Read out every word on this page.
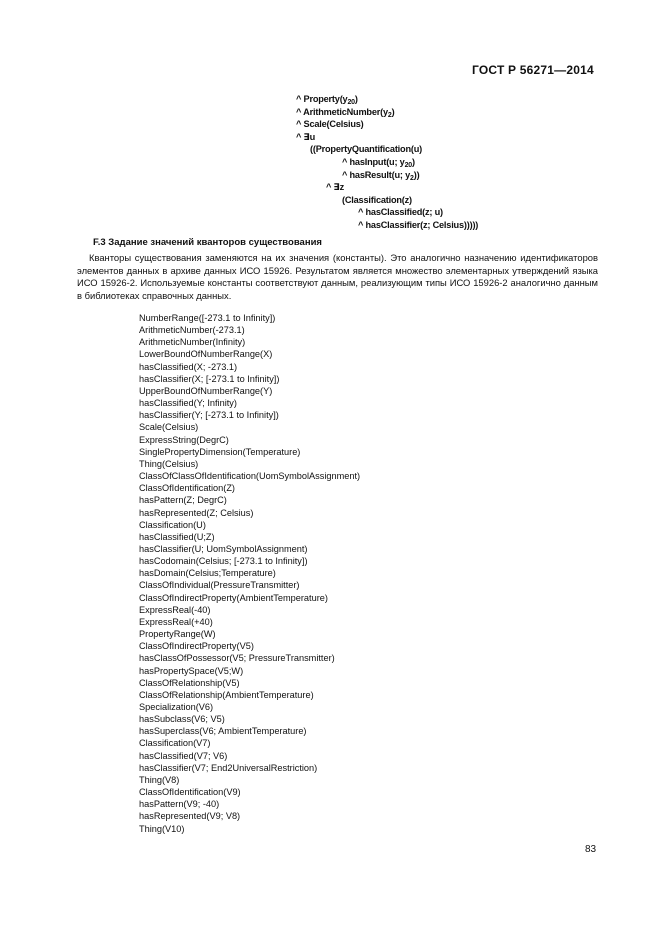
ГОСТ Р 56271—2014
^ $Property(y_{20})$
^ $ArithmeticNumber(y_2)$
^ Scale(Celsius)
^ ∃u
((PropertyQuantification(u)
^ hasInput(u; $y_{20}$)
^ hasResult(u; $y_2$))
^ ∃z
(Classification(z)
^ hasClassified(z; u)
^ hasClassifier(z; Celsius)))))
F.3 Задание значений кванторов существования
Кванторы существования заменяются на их значения (константы). Это аналогично назначению идентификаторов элементов данных в архиве данных ИСО 15926. Результатом является множество элементарных утверждений языка ИСО 15926-2. Используемые константы соответствуют данным, реализующим типы ИСО 15926-2 аналогично данным в библиотеках справочных данных.
NumberRange([-273.1 to Infinity])
ArithmeticNumber(-273.1)
ArithmeticNumber(Infinity)
LowerBoundOfNumberRange(X)
hasClassified(X; -273.1)
hasClassifier(X; [-273.1 to Infinity])
UpperBoundOfNumberRange(Y)
hasClassified(Y; Infinity)
hasClassifier(Y; [-273.1 to Infinity])
Scale(Celsius)
ExpressString(DegrC)
SinglePropertyDimension(Temperature)
Thing(Celsius)
ClassOfClassOfIdentification(UomSymbolAssignment)
ClassOfIdentification(Z)
hasPattern(Z; DegrC)
hasRepresented(Z; Celsius)
Classification(U)
hasClassified(U;Z)
hasClassifier(U; UomSymbolAssignment)
hasCodomain(Celsius; [-273.1 to Infinity])
hasDomain(Celsius;Temperature)
ClassOfIndividual(PressureTransmitter)
ClassOfIndirectProperty(AmbientTemperature)
ExpressReal(-40)
ExpressReal(+40)
PropertyRange(W)
ClassOfIndirectProperty(V5)
hasClassOfPossessor(V5; PressureTransmitter)
hasPropertySpace(V5;W)
ClassOfRelationship(V5)
ClassOfRelationship(AmbientTemperature)
Specialization(V6)
hasSubclass(V6; V5)
hasSuperclass(V6; AmbientTemperature)
Classification(V7)
hasClassified(V7; V6)
hasClassifier(V7; End2UniversalRestriction)
Thing(V8)
ClassOfIdentification(V9)
hasPattern(V9; -40)
hasRepresented(V9; V8)
Thing(V10)
83
